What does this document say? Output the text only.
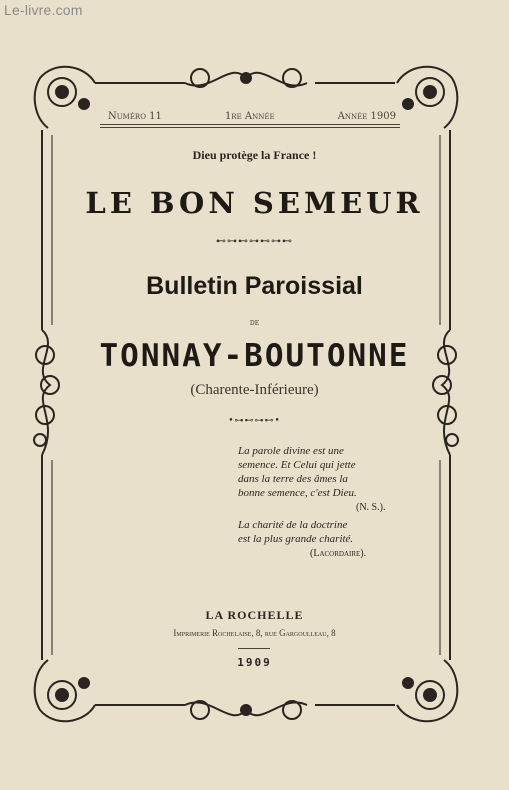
Le-livre.com
Numéro 11	1re Année	Année 1909
Dieu protège la France !
LE BON SEMEUR
⊷⊶⊷⊶⊷⊶⊷
Bulletin Paroissial
de
TONNAY-BOUTONNE
(Charente-Inférieure)
•⊶⊷⊶⊷•
La parole divine est une
semence. Et Celui qui jette
dans la terre des âmes la
bonne semence, c'est Dieu.
(N. S.).
La charité de la doctrine
est la plus grande charité.
(Lacordaire).
LA ROCHELLE
Imprimerie Rochelaise, 8, rue Gargoulleau, 8
1909
